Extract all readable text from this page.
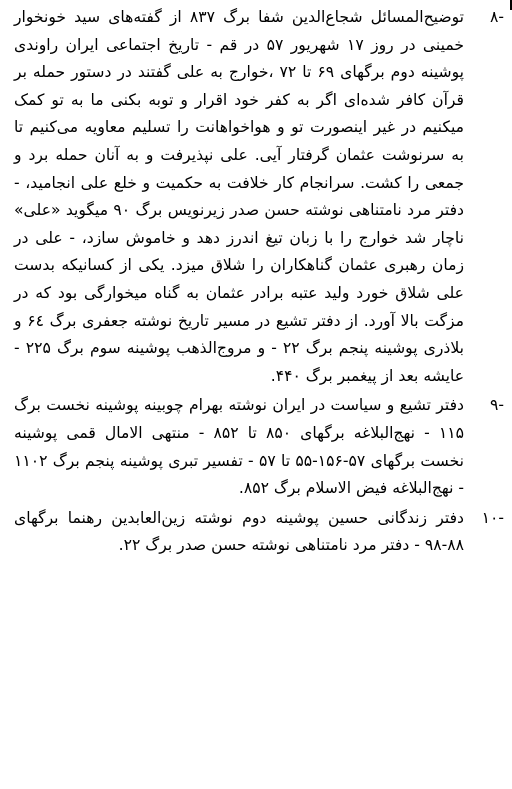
-۸
توضیح‌المسائل شجاع‌الدین شفا برگ ۸۳۷ از گفته‌های سید خونخوار خمینی در روز ۱۷ شهریور ۵۷ در قم - تاریخ اجتماعی ایران راوندی پوشینه دوم برگهای ۶۹ تا ۷۲ ،خوارج به علی گفتند در دستور حمله بر قرآن کافر شده‌ای اگر به کفر خود اقرار و توبه بکنی ما به تو کمک میکنیم در غیر اینصورت تو و هواخواهانت را تسلیم معاویه می‌کنیم تا به سرنوشت عثمان گرفتار آیی. علی نپذیرفت و به آنان حمله برد و جمعی را کشت. سرانجام کار خلافت به حکمیت و خلع علی انجامید، - دفتر مرد نامتناهی نوشته حسن صدر زیرنویس برگ ۹۰ میگوید «علی» ناچار شد خوارج را با زبان تیغ اندرز دهد و خاموش سازد، - علی در زمان رهبری عثمان گناهکاران را شلاق میزد. یکی از کسانیکه بدست علی شلاق خورد ولید عتبه برادر عثمان به گناه میخوارگی بود که در مزگت بالا آورد. از دفتر تشیع در مسیر تاریخ نوشته جعفری برگ ۶٤ و بلاذری پوشینه پنجم برگ ۲۲ - و مروج‌الذهب پوشینه سوم برگ ۲۲۵ - عایشه بعد از پیغمبر برگ ۴۴۰.
-۹
دفتر تشیع و سیاست در ایران نوشته بهرام چوبینه پوشینه نخست برگ ۱۱۵ - نهج‌البلاغه برگهای ۸۵۰ تا ۸۵۲ - منتهی الامال قمی پوشینه نخست برگهای ۵۷-۱۵۶-۵۵ تا ۵۷ - تفسیر تبری پوشینه پنجم برگ ۱۱۰۲ - نهج‌البلاغه فیض الاسلام برگ ۸۵۲.
-۱۰
دفتر زندگانی حسین پوشینه دوم نوشته زین‌العابدین رهنما برگهای ۸۸-۹۸ - دفتر مرد نامتناهی نوشته حسن صدر برگ ۲۲.
